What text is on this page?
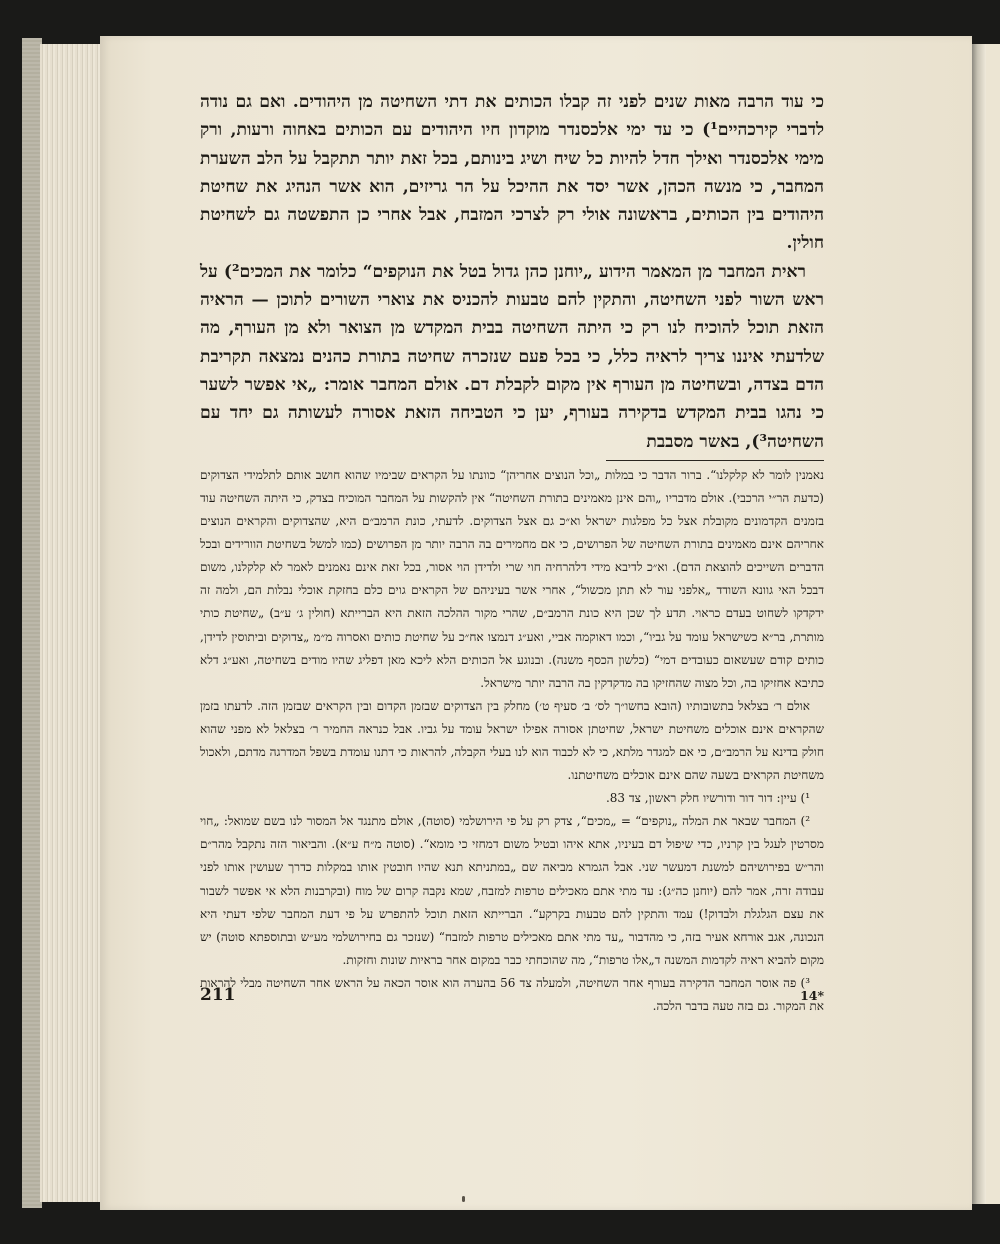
כי עוד הרבה מאות שנים לפני זה קבלו הכותים את דתי השחיטה מן היהודים. ואם גם נודה לדברי קירכהיים¹) כי עד ימי אלכסנדר מוקדון חיו היהודים עם הכותים באחוה ורעות, ורק מימי אלכסנדר ואילך חדל להיות כל שיח ושיג בינותם, בכל זאת יותר תתקבל על הלב השערת המחבר, כי מנשה הכהן, אשר יסד את ההיכל על הר גריזים, הוא אשר הנהיג את שחיטת היהודים בין הכותים, בראשונה אולי רק לצרכי המזבח, אבל אחרי כן התפשטה גם לשחיטת חולין.

ראית המחבר מן המאמר הידוע „יוחנן כהן גדול בטל את הנוקפים“ כלומר את המכים²) על ראש השור לפני השחיטה, והתקין להם טבעות להכניס את צוארי השורים לתוכן — הראיה הזאת תוכל להוכיח לנו רק כי היתה השחיטה בבית המקדש מן הצואר ולא מן העורף, מה שלדעתי איננו צריך לראיה כלל, כי בכל פעם שנזכרה שחיטה בתורת כהנים נמצאה תקריבת הדם בצדה, ובשחיטה מן העורף אין מקום לקבלת דם. אולם המחבר אומר: „אי אפשר לשער כי נהגו בבית המקדש בדקירה בעורף, יען כי הטביחה הזאת אסורה לעשותה גם יחד עם השחיטה³), באשר מסבבת

נאמנין לומר לא קלקלנו“. ברור הדבר כי במלות „וכל הנוצים אחריהן“ כוונתו על הקראים שבימיו שהוא חושב אותם לתלמידי הצדוקים (כדעת הר״י הרכבי). אולם מדבריו „והם אינן מאמינים בתורת השחיטה“ אין להקשות על המחבר המוכיח בצדק, כי היתה השחיטה עוד בזמנים הקדמונים מקובלת אצל כל מפלגות ישראל וא״כ גם אצל הצדוקים. לדעתי, כונת הרמב״ם היא, שהצדוקים והקראים הנוצים אחריהם אינם מאמינים בתורת השחיטה של הפרושים, כי אם מחמירים בה הרבה יותר מן הפרושים (כמו למשל בשחיטת הוורידים ובכל הדברים השייכים להוצאת הדם). וא״כ לדיבא מידי דלהרחיה חוי שרי ולדידן הוי אסור, בכל זאת אינם נאמנים לאמר לא קלקלנו, משום דבכל האי גוונא השודד „אלפני עור לא תתן מכשול“, אחרי אשר בעיניהם של הקראים גוים כלם בחזקת אוכלי נבלות הם, ולמה זה ידקדקו לשחוט בעדם כראוי. תדע לך שכן היא כונת הרמב״ם, שהרי מקור ההלכה הזאת היא הברייתא (חולין ג׳ ע״ב) „שחיטת כותי מותרת, בר״א כשישראל עומד על גביו“, וכמו דאוקמה אביי, ואע״ג דנמצו אח״כ על שחיטת כותים ואסרוה מ״מ „צדוקים וביתוסין לדידן, כותים קודם שעשאום כעובדים דמי“ (כלשון הכסף משנה). ובנוגע אל הכותים הלא ליכא מאן דפליג שהיו מודים בשחיטה, ואע״ג דלא כתיבא אחזיקו בה, וכל מצוה שהחזיקו בה מדקדקין בה הרבה יותר מישראל.

אולם ר׳ בצלאל בתשובותיו (הובא בחשו״ך לס׳ ב׳ סעיף ט׳) מחלק בין הצדוקים שבזמן הקדום ובין הקראים שבזמן הזה. לדעתו בזמן שהקראים אינם אוכלים משחיטת ישראל, שחיטתן אסורה אפילו ישראל עומד על גביו. אבל כנראה החמיר ר׳ בצלאל לא מפני שהוא חולק בדינא על הרמב״ם, כי אם למגדר מלתא, כי לא לכבוד הוא לנו בעלי הקבלה, להראות כי דתנו עומדת בשפל המדרגה מדתם, ולאכול משחיטת הקראים בשעה שהם אינם אוכלים משחיטתנו.

¹) עיין: דור דור ודורשיו חלק ראשון, צד 83.

²) המחבר שבאר את המלה „נוקפים“ = „מכים“, צדק רק על פי הירושלמי (סוטה), אולם מתנגד אל המסור לנו בשם שמואל: „חוי מסרטין לעגל בין קרניו, כדי שיפול דם בעיניו, אתא איהו ובטיל משום דמחזי כי מומא“. (סוטה מ״ח ע״א). והביאור הזה נתקבל מהר״ם והר״ש בפירושיהם למשנת דמעשר שני. אבל הגמרא מביאה שם „במתניתא תנא שהיו חובטין אותו במקלות כדרך שעושין אותו לפני עבודה זרה, אמר להם (יוחנן כה״ג): עד מתי אתם מאכילים טרפות למזבח, שמא נקבה קרום של מוח (ובקרבנות הלא אי אפשר לשבור את עצם הגלגלת ולבדוק!) עמד והתקין להם טבעות בקרקע“. הברייתא הזאת תוכל להתפרש על פי דעת המחבר שלפי דעתי היא הנכונה, אגב אורחא אעיר בזה, כי מהדבור „עד מתי אתם מאכילים טרפות למזבח“ (שנזכר גם בחירושלמי מע״ש ובתוספתא סוטה) יש מקום להביא ראיה לקדמות המשנה ד„אלו טרפות“, מה שהוכחתי כבר במקום אחר בראיות שונות וחזקות.

³) פה אוסר המחבר הדקירה בעורף אחר השחיטה, ולמעלה צד 56 בהערה הוא אוסר הכאה על הראש אחר השחיטה מבלי להראות את המקור. גם בזה טעה בדבר הלכה.

211	14*
